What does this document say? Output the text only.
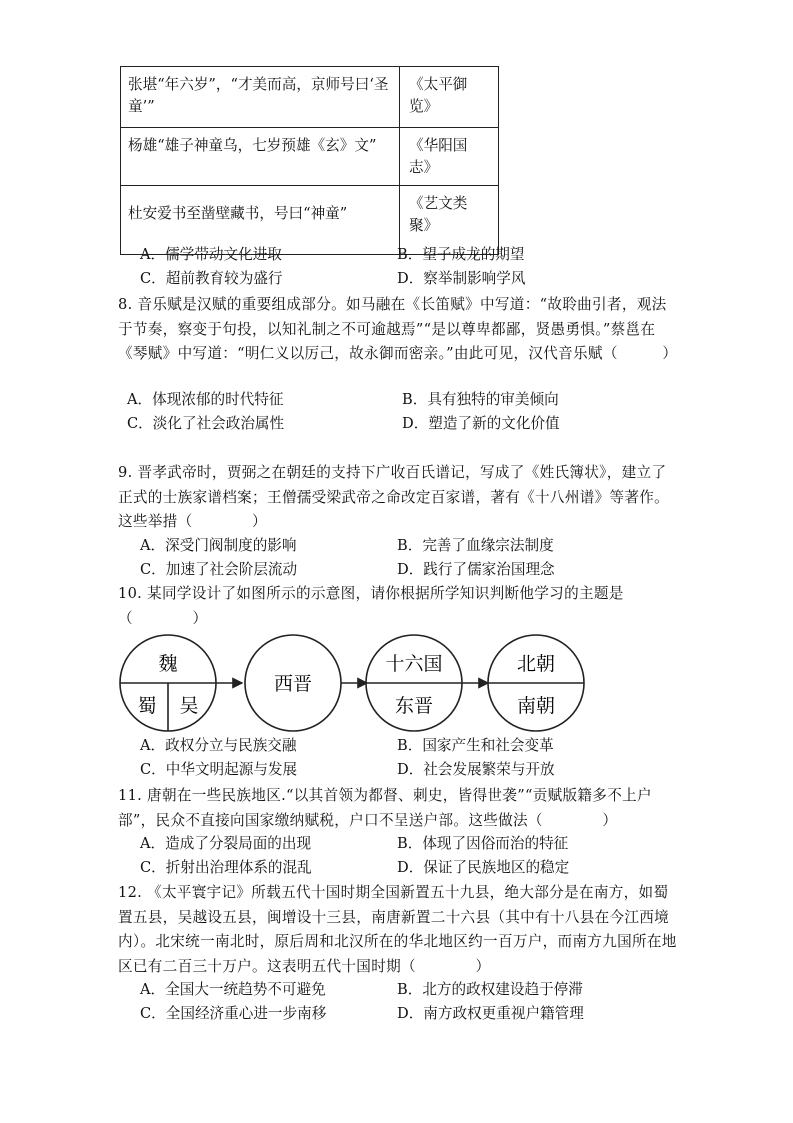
张堪“年六岁”，“才美而高，京师号曰‘圣童’”	《太平御览》

杨雄“雄子神童乌，七岁预雄《玄》文”	《华阳国志》

杜安爱书至凿壁藏书，号曰“神童”	《艺文类聚》
A．儒学带动文化进取	B．望子成龙的期望
C．超前教育较为盛行	D．察举制影响学风
8. 音乐赋是汉赋的重要组成部分。如马融在《长笛赋》中写道：“故聆曲引者，观法于节奏，察变于句投，以知礼制之不可逾越焉”“是以尊卑都鄙，贤愚勇惧。”蔡邕在《琴赋》中写道：“明仁义以厉己，故永御而密亲。”由此可见，汉代音乐赋（　　　）
A．体现浓郁的时代特征	B．具有独特的审美倾向
C．淡化了社会政治属性	D．塑造了新的文化价值
9. 晋孝武帝时，贾弼之在朝廷的支持下广收百氏谱记，写成了《姓氏簿状》，建立了正式的士族家谱档案；王僧孺受梁武帝之命改定百家谱，著有《十八州谱》等著作。这些举措（　　　　）
A．深受门阀制度的影响	B．完善了血缘宗法制度
C．加速了社会阶层流动	D．践行了儒家治国理念
10. 某同学设计了如图所示的示意图，请你根据所学知识判断他学习的主题是（　　　　）
魏
蜀 吴
西晋
十六国
东晋
北朝
南朝
A．政权分立与民族交融	B．国家产生和社会变革
C．中华文明起源与发展	D．社会发展繁荣与开放
11. 唐朝在一些民族地区.“以其首领为都督、刺史，皆得世袭”“贡赋版籍多不上户部”，民众不直接向国家缴纳赋税，户口不呈送户部。这些做法（　　　　）
A．造成了分裂局面的出现	B．体现了因俗而治的特征
C．折射出治理体系的混乱	D．保证了民族地区的稳定
12. 《太平寰宇记》所载五代十国时期全国新置五十九县，绝大部分是在南方，如蜀置五县，吴越设五县，闽增设十三县，南唐新置二十六县（其中有十八县在今江西境内）。北宋统一南北时，原后周和北汉所在的华北地区约一百万户，而南方九国所在地区已有二百三十万户。这表明五代十国时期（　　　　）
A．全国大一统趋势不可避免	B．北方的政权建设趋于停滞
C．全国经济重心进一步南移	D．南方政权更重视户籍管理
